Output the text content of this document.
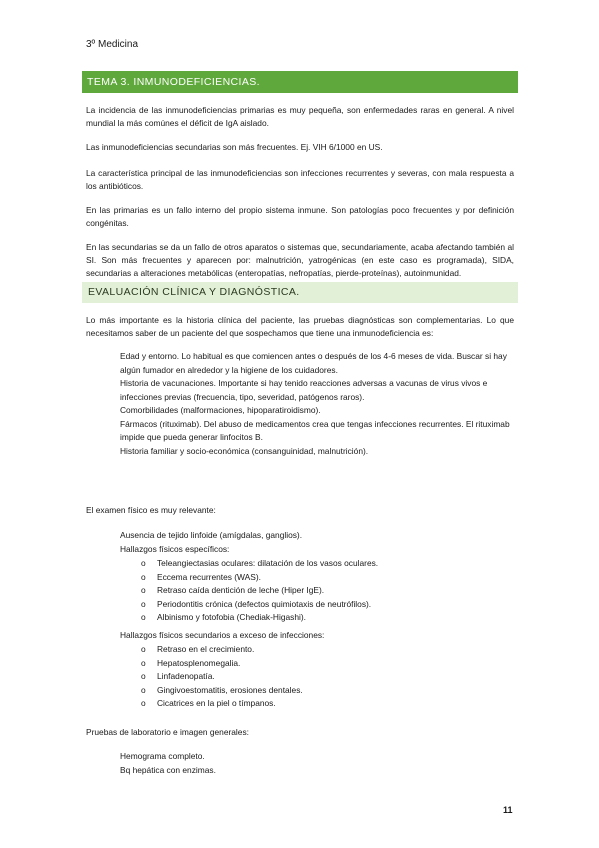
3º Medicina
TEMA 3. INMUNODEFICIENCIAS.

La incidencia de las inmunodeficiencias primarias es muy pequeña, son enfermedades raras en general. A nivel mundial la más comúnes el déficit de IgA aislado.

Las inmunodeficiencias secundarias son más frecuentes. Ej. VIH 6/1000 en US.

La característica principal de las inmunodeficiencias son infecciones recurrentes y severas, con mala respuesta a los antibióticos.

En las primarias es un fallo interno del propio sistema inmune. Son patologías poco frecuentes y por definición congénitas.

En las secundarias se da un fallo de otros aparatos o sistemas que, secundariamente, acaba afectando también al SI. Son más frecuentes y aparecen por: malnutrición, yatrogénicas (en este caso es programada), SIDA, secundarias a alteraciones metabólicas (enteropatías, nefropatías, pierde-proteínas), autoinmunidad.

EVALUACIÓN CLÍNICA Y DIAGNÓSTICA.

Lo más importante es la historia clínica del paciente, las pruebas diagnósticas son complementarias. Lo que necesitamos saber de un paciente del que sospechamos que tiene una inmunodeficiencia es:

Edad y entorno. Lo habitual es que comiencen antes o después de los 4-6 meses de vida. Buscar si hay algún fumador en alrededor y la higiene de los cuidadores.
Historia de vacunaciones. Importante si hay tenido reacciones adversas a vacunas de virus vivos e infecciones previas (frecuencia, tipo, severidad, patógenos raros).
Comorbilidades (malformaciones, hipoparatiroidismo).
Fármacos (rituximab). Del abuso de medicamentos crea que tengas infecciones recurrentes. El rituximab impide que pueda generar linfocitos B.
Historia familiar y socio-económica (consanguinidad, malnutrición).

El examen físico es muy relevante:

Ausencia de tejido linfoide (amígdalas, ganglios).
Hallazgos físicos específicos:
o Teleangiectasias oculares: dilatación de los vasos oculares.
o Eccema recurrentes (WAS).
o Retraso caída dentición de leche (Hiper IgE).
o Periodontitis crónica (defectos quimiotaxis de neutrófilos).
o Albinismo y fotofobia (Chediak-Higashi).
Hallazgos físicos secundarios a exceso de infecciones:
o Retraso en el crecimiento.
o Hepatosplenomegalia.
o Linfadenopatía.
o Gingivoestomatitis, erosiones dentales.
o Cicatrices en la piel o tímpanos.

Pruebas de laboratorio e imagen generales:

Hemograma completo.
Bq hepática con enzimas.
11
